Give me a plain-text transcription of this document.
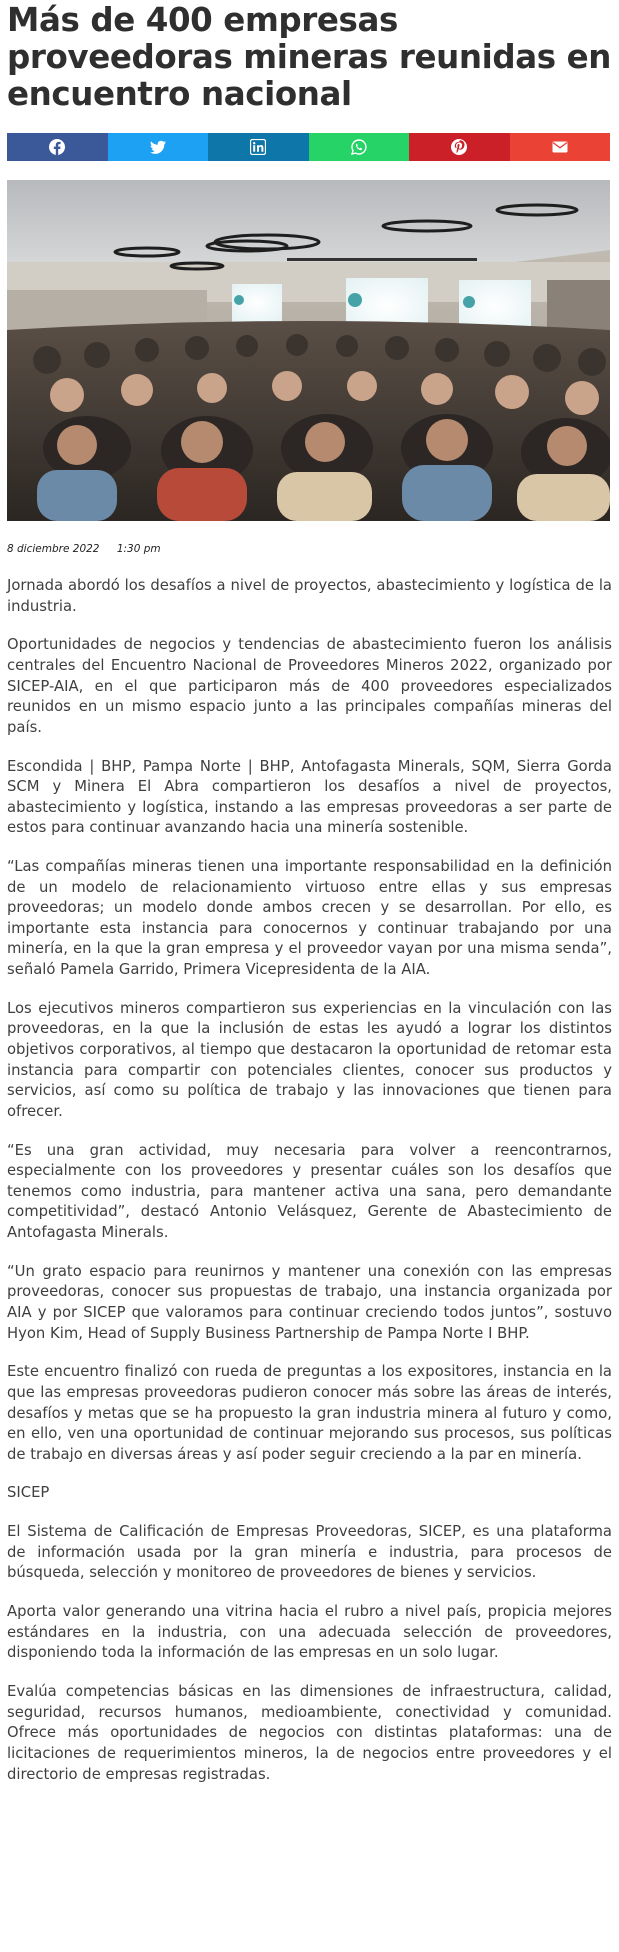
Más de 400 empresas proveedoras mineras reunidas en encuentro nacional
8 diciembre 2022 1:30 pm

Jornada abordó los desafíos a nivel de proyectos, abastecimiento y logística de la industria.

Oportunidades de negocios y tendencias de abastecimiento fueron los análisis centrales del Encuentro Nacional de Proveedores Mineros 2022, organizado por SICEP-AIA, en el que participaron más de 400 proveedores especializados reunidos en un mismo espacio junto a las principales compañías mineras del país.

Escondida | BHP, Pampa Norte | BHP, Antofagasta Minerals, SQM, Sierra Gorda SCM y Minera El Abra compartieron los desafíos a nivel de proyectos, abastecimiento y logística, instando a las empresas proveedoras a ser parte de estos para continuar avanzando hacia una minería sostenible.

“Las compañías mineras tienen una importante responsabilidad en la definición de un modelo de relacionamiento virtuoso entre ellas y sus empresas proveedoras; un modelo donde ambos crecen y se desarrollan. Por ello, es importante esta instancia para conocernos y continuar trabajando por una minería, en la que la gran empresa y el proveedor vayan por una misma senda”, señaló Pamela Garrido, Primera Vicepresidenta de la AIA.

Los ejecutivos mineros compartieron sus experiencias en la vinculación con las proveedoras, en la que la inclusión de estas les ayudó a lograr los distintos objetivos corporativos, al tiempo que destacaron la oportunidad de retomar esta instancia para compartir con potenciales clientes, conocer sus productos y servicios, así como su política de trabajo y las innovaciones que tienen para ofrecer.

“Es una gran actividad, muy necesaria para volver a reencontrarnos, especialmente con los proveedores y presentar cuáles son los desafíos que tenemos como industria, para mantener activa una sana, pero demandante competitividad”, destacó Antonio Velásquez, Gerente de Abastecimiento de Antofagasta Minerals.

“Un grato espacio para reunirnos y mantener una conexión con las empresas proveedoras, conocer sus propuestas de trabajo, una instancia organizada por AIA y por SICEP que valoramos para continuar creciendo todos juntos”, sostuvo Hyon Kim, Head of Supply Business Partnership de Pampa Norte I BHP.

Este encuentro finalizó con rueda de preguntas a los expositores, instancia en la que las empresas proveedoras pudieron conocer más sobre las áreas de interés, desafíos y metas que se ha propuesto la gran industria minera al futuro y como, en ello, ven una oportunidad de continuar mejorando sus procesos, sus políticas de trabajo en diversas áreas y así poder seguir creciendo a la par en minería.

SICEP

El Sistema de Calificación de Empresas Proveedoras, SICEP, es una plataforma de información usada por la gran minería e industria, para procesos de búsqueda, selección y monitoreo de proveedores de bienes y servicios.

Aporta valor generando una vitrina hacia el rubro a nivel país, propicia mejores estándares en la industria, con una adecuada selección de proveedores, disponiendo toda la información de las empresas en un solo lugar.

Evalúa competencias básicas en las dimensiones de infraestructura, calidad, seguridad, recursos humanos, medioambiente, conectividad y comunidad. Ofrece más oportunidades de negocios con distintas plataformas: una de licitaciones de requerimientos mineros, la de negocios entre proveedores y el directorio de empresas registradas.
